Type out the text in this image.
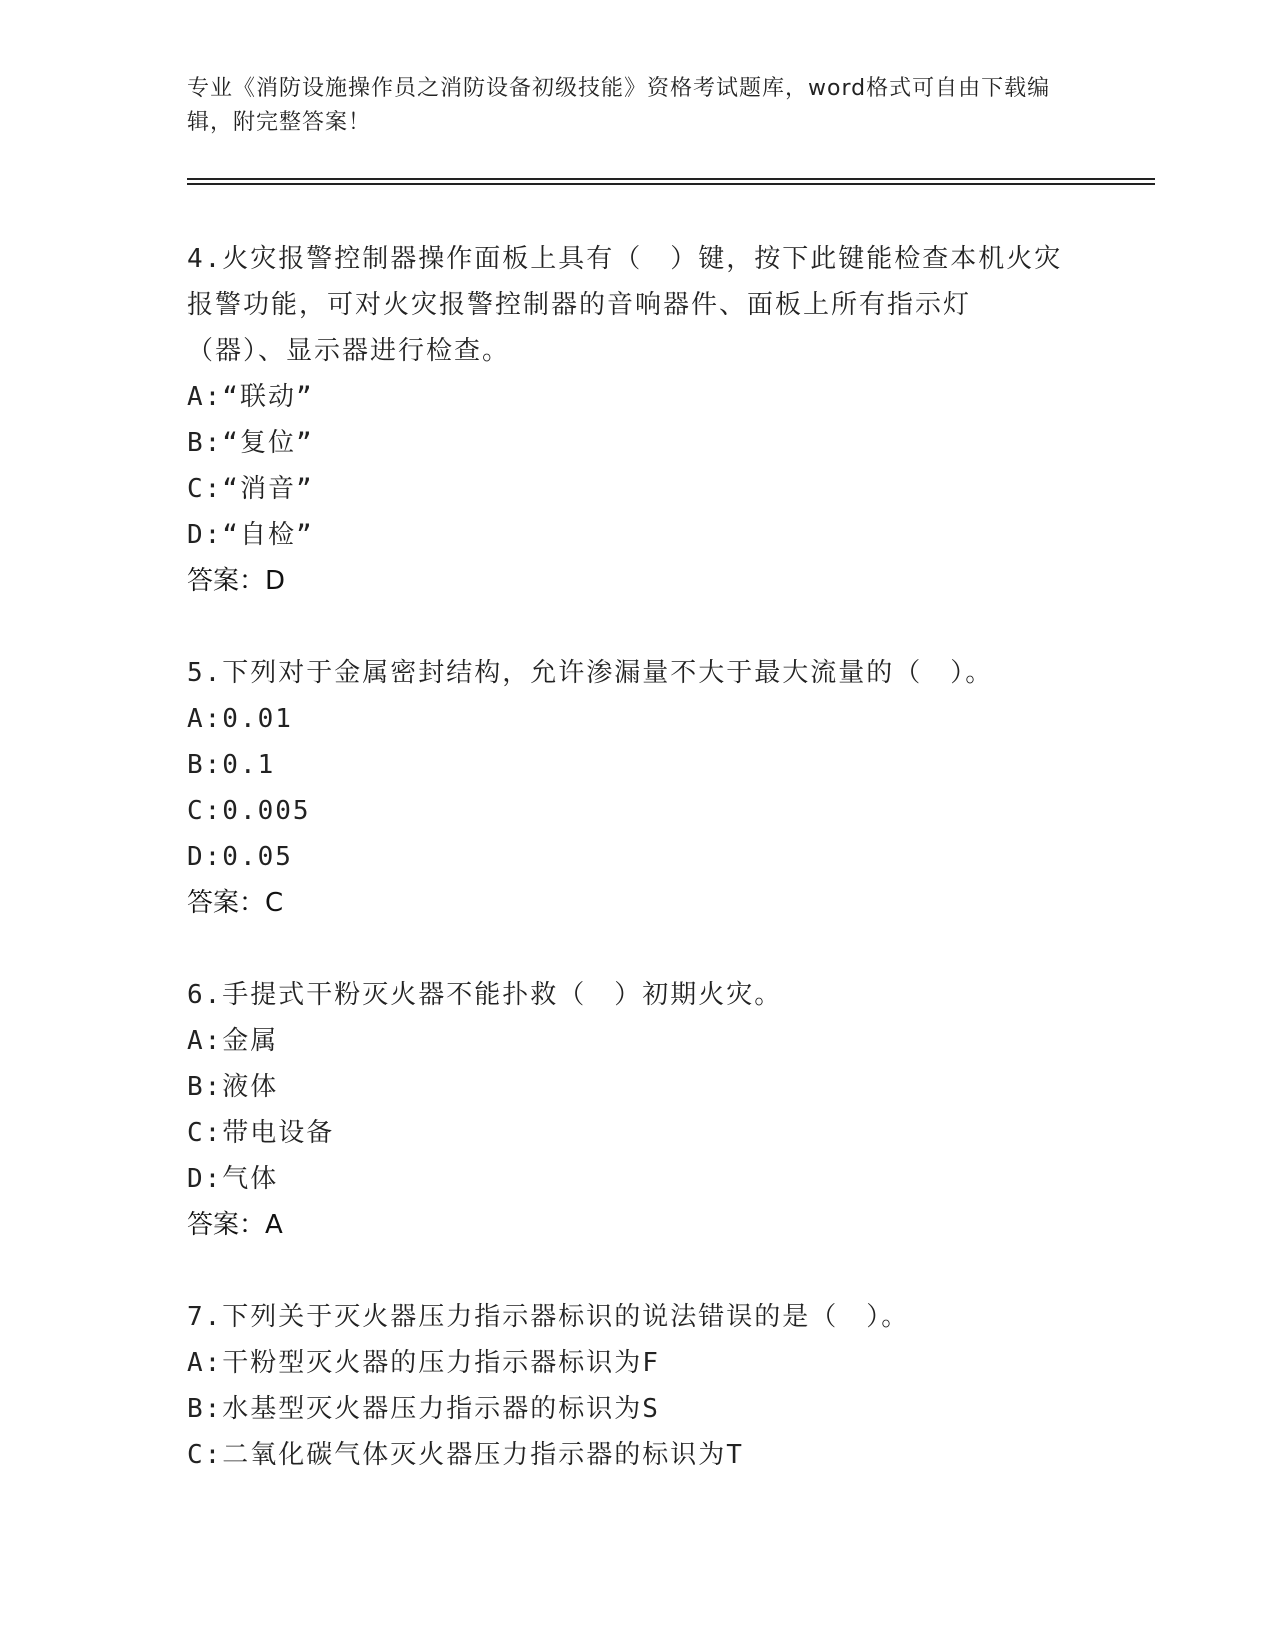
专业《消防设施操作员之消防设备初级技能》资格考试题库，word格式可自由下载编辑，附完整答案！
4.火灾报警控制器操作面板上具有（　）键，按下此键能检查本机火灾报警功能，可对火灾报警控制器的音响器件、面板上所有指示灯（器）、显示器进行检查。
A:“联动”
B:“复位”
C:“消音”
D:“自检”
答案：D
5.下列对于金属密封结构，允许渗漏量不大于最大流量的（　）。
A:0.01
B:0.1
C:0.005
D:0.05
答案：C
6.手提式干粉灭火器不能扑救（　）初期火灾。
A:金属
B:液体
C:带电设备
D:气体
答案：A
7.下列关于灭火器压力指示器标识的说法错误的是（　）。
A:干粉型灭火器的压力指示器标识为F
B:水基型灭火器压力指示器的标识为S
C:二氧化碳气体灭火器压力指示器的标识为T
